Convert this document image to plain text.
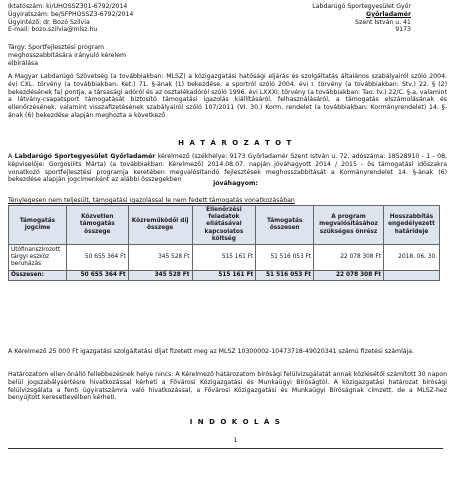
Iktatószám: ki/UHOSSZ301-6792/2014
Ügyiratszám: be/SFPHOSSZ3-6792/2014
Ügyintéző: dr. Bozó Szilvia
E-mail: bozo.szilvia@mlsz.hu
Labdarúgó Sportegyesület Győr
Győrladamér
Szent István u. 41
9173
Tárgy: Sportfejlesztési program meghosszabbítására irányuló kérelem elbírálása
A Magyar Labdarúgó Szövetség (a továbbiakban: MLSZ) a közigazgatási hatósági eljárás és szolgáltatás általános szabályairól szóló 2004. évi CXL. törvény (a továbbiakban: Ket.) 71. §-ának (1) bekezdése, a sportról szóló 2004. évi I. törvény (a továbbiakban: Stv.) 22. § (2) bekezdésének fa) pontja, a társasági adóról és az osztalékadóról szóló 1996. évi LXXXI. törvény (a továbbiakban: Tao. tv.) 22/C. §-a, valamint a látvány-csapatsport támogatását biztosító támogatási igazolás kiállításáról, felhasználásáról, a támogatás elszámolásának és ellenőrzésének, valamint visszafizetésének szabályairól szóló 107/2011 (VI. 30.) Korm. rendelet (a továbbiakban: Kormányrendelet) 14. §-ának (6) bekezdése alapján meghozta a következő
H A T Á R O Z A T O T
A Labdarúgó Sportegyesület Győrladamér kérelmező (székhelye: 9173 Győrladamér Szent István u. 72, adószáma: 18528910 - 1 - 08, képviselője: Gorgosilits Márta) (a továbbiakban: Kérelmező) 2014.08.07. napján jóváhagyott 2014 / 2015 - ös támogatási időszakra vonatkozó sportfejlesztési programja keretében megvalósítandó fejlesztések meghosszabbítását a Kormányrendelet 14. §-ának (6) bekezdése alapján jogcímenként az alábbi összegekben
jóváhagyom:
Ténylegesen nem teljesült, támogatási igazolással le nem fedett támogatás vonatkozásában
Támogatás jogcíme	Közvetlen támogatás összege	Közreműködői díj összege	Ellenőrzési feladatok ellátásával kapcsolatos költség	Támogatás összesen	A program megvalósításához szükséges önrész	Hosszabbítás engedélyezett határideje
Utófinanszírozott tárgyi eszköz beruházás	50 655 364 Ft	345 528 Ft	515 161 Ft	51 516 053 Ft	22 078 308 Ft	2018. 06. 30.
Összesen:	50 655 364 Ft	345 528 Ft	515 161 Ft	51 516 053 Ft	22 078 308 Ft	
A Kérelmező 25 000 Ft igazgatási szolgáltatási díjat fizetett meg az MLSZ 10300002-10473718-49020341 számú fizetési számlája.
Határozatom ellen önálló fellebbezésnek helye nincs. A Kérelmező határozatom bírósági felülvizsgálatát annak közlésétől számított 30 napon belül jogszabálysértésre hivatkozással kérheti a Fővárosi Közigazgatási és Munkaügyi Bíróságtól. A közigazgatási határozat bírósági felülvizsgálata a fenti ügyiratszámra való hivatkozással, a Fővárosi Közigazgatási és Munkaügyi Bíróságnak címzett, de a MLSZ-hez benyújtott keresetlevélben kérheti.
I N D O K O L Á S
1
